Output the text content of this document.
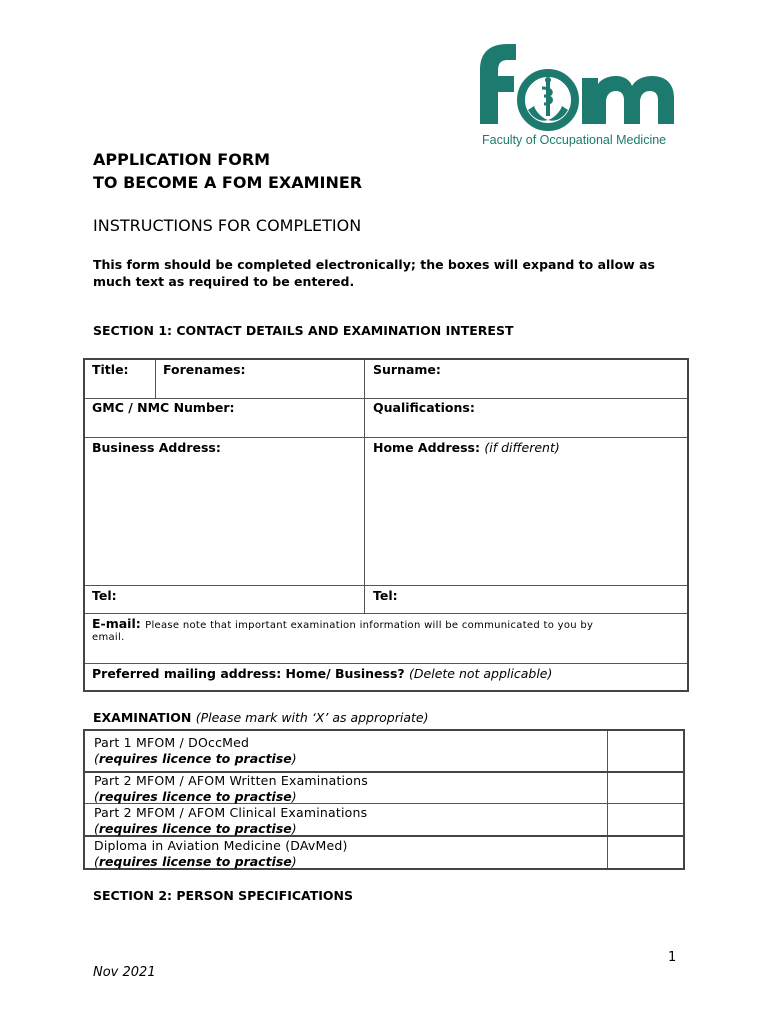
Faculty of Occupational Medicine
APPLICATION FORM
TO BECOME A FOM EXAMINER
INSTRUCTIONS FOR COMPLETION
This form should be completed electronically; the boxes will expand to allow as much text as required to be entered.
SECTION 1: CONTACT DETAILS AND EXAMINATION INTEREST
Title:	Forenames:	Surname:
GMC / NMC Number:	Qualifications:
Business Address:	Home Address: (if different)
Tel:	Tel:
E-mail: Please note that important examination information will be communicated to you by
email.
Preferred mailing address: Home/ Business? (Delete not applicable)
EXAMINATION (Please mark with ‘X’ as appropriate)
Part 1 MFOM / DOccMed
(requires licence to practise)
Part 2 MFOM / AFOM Written Examinations
(requires licence to practise)
Part 2 MFOM / AFOM Clinical Examinations
(requires licence to practise)
Diploma in Aviation Medicine (DAvMed)
(requires license to practise)
SECTION 2: PERSON SPECIFICATIONS
1
Nov 2021
